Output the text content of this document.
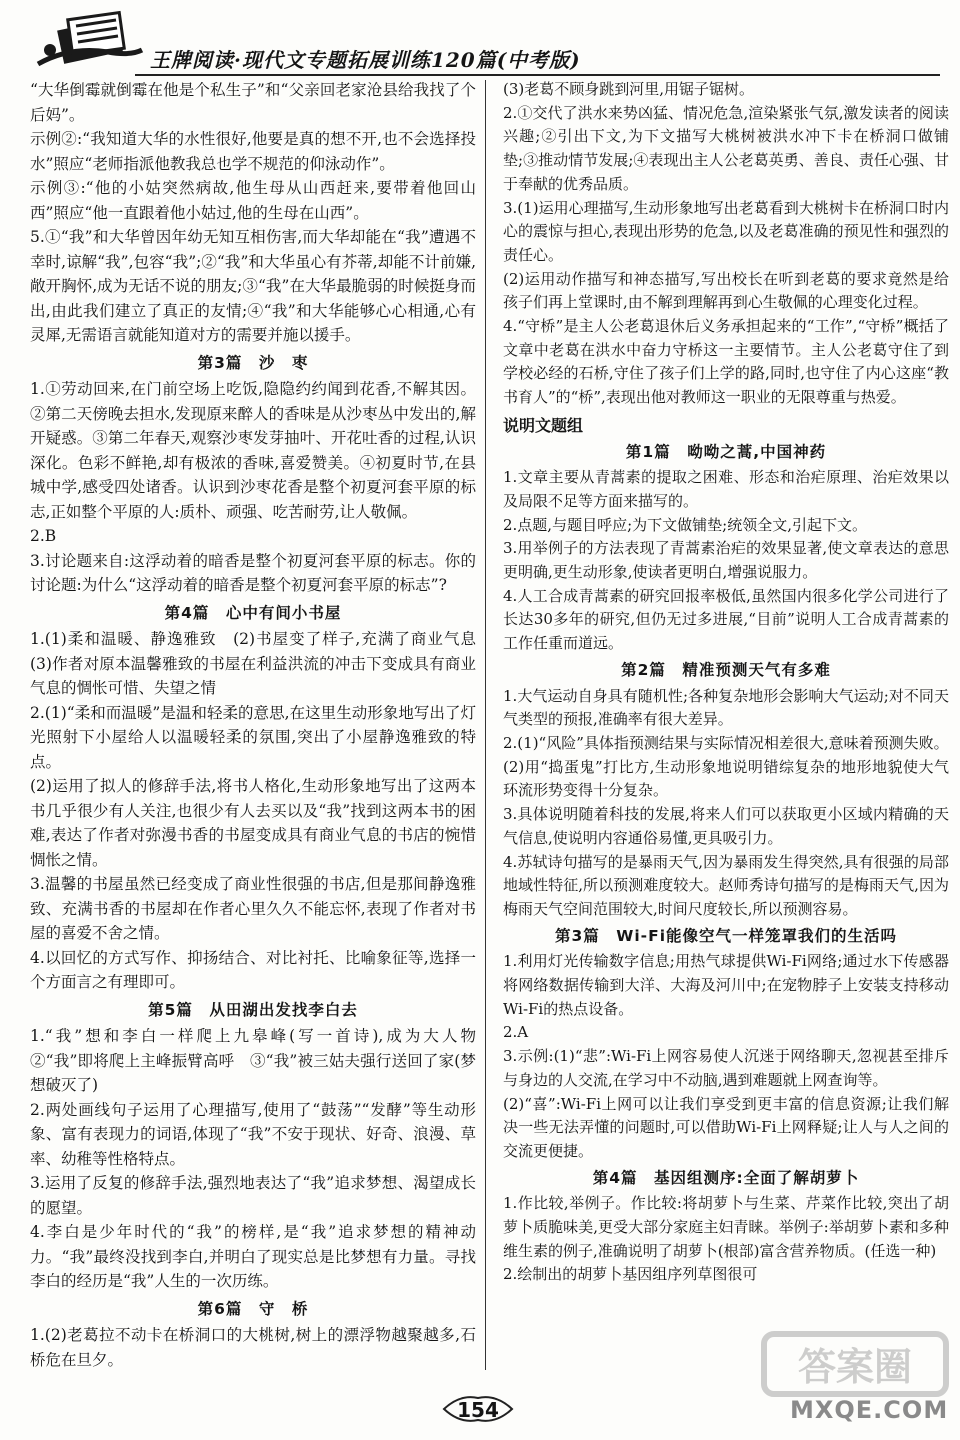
王牌阅读·现代文专题拓展训练120篇(中考版)
“大华倒霉就倒霉在他是个私生子”和“父亲回老家沧县给我找了个后妈”。
示例②:“我知道大华的水性很好,他要是真的想不开,也不会选择投水”照应“老师指派他教我总也学不规范的仰泳动作”。
示例③:“他的小姑突然病故,他生母从山西赶来,要带着他回山西”照应“他一直跟着他小姑过,他的生母在山西”。
5.①“我”和大华曾因年幼无知互相伤害,而大华却能在“我”遭遇不幸时,谅解“我”,包容“我”;②“我”和大华虽心有芥蒂,却能不计前嫌,敞开胸怀,成为无话不说的朋友;③“我”在大华最脆弱的时候挺身而出,由此我们建立了真正的友情;④“我”和大华能够心心相通,心有灵犀,无需语言就能知道对方的需要并施以援手。
第3篇　沙　枣
1.①劳动回来,在门前空场上吃饭,隐隐约约闻到花香,不解其因。②第二天傍晚去担水,发现原来醉人的香味是从沙枣丛中发出的,解开疑惑。③第二年春天,观察沙枣发芽抽叶、开花吐香的过程,认识深化。色彩不鲜艳,却有极浓的香味,喜爱赞美。④初夏时节,在县城中学,感受四处诸香。认识到沙枣花香是整个初夏河套平原的标志,正如整个平原的人:质朴、顽强、吃苦耐劳,让人敬佩。
2.B
3.讨论题来自:这浮动着的暗香是整个初夏河套平原的标志。你的讨论题:为什么“这浮动着的暗香是整个初夏河套平原的标志”?
第4篇　心中有间小书屋
1.(1)柔和温暖、静逸雅致　(2)书屋变了样子,充满了商业气息　(3)作者对原本温馨雅致的书屋在利益洪流的冲击下变成具有商业气息的惆怅可惜、失望之情
2.(1)“柔和而温暖”是温和轻柔的意思,在这里生动形象地写出了灯光照射下小屋给人以温暖轻柔的氛围,突出了小屋静逸雅致的特点。
(2)运用了拟人的修辞手法,将书人格化,生动形象地写出了这两本书几乎很少有人关注,也很少有人去买以及“我”找到这两本书的困难,表达了作者对弥漫书香的书屋变成具有商业气息的书店的惋惜惆怅之情。
3.温馨的书屋虽然已经变成了商业性很强的书店,但是那间静逸雅致、充满书香的书屋却在作者心里久久不能忘怀,表现了作者对书屋的喜爱不舍之情。
4.以回忆的方式写作、抑扬结合、对比衬托、比喻象征等,选择一个方面言之有理即可。
第5篇　从田湖出发找李白去
1.“我”想和李白一样爬上九皋峰(写一首诗),成为大人物　②“我”即将爬上主峰振臂高呼　③“我”被三姑夫强行送回了家(梦想破灭了)
2.两处画线句子运用了心理描写,使用了“鼓荡”“发酵”等生动形象、富有表现力的词语,体现了“我”不安于现状、好奇、浪漫、草率、幼稚等性格特点。
3.运用了反复的修辞手法,强烈地表达了“我”追求梦想、渴望成长的愿望。
4.李白是少年时代的“我”的榜样,是“我”追求梦想的精神动力。“我”最终没找到李白,并明白了现实总是比梦想有力量。寻找李白的经历是“我”人生的一次历练。
第6篇　守　桥
1.(2)老葛拉不动卡在桥洞口的大桃树,树上的漂浮物越聚越多,石桥危在旦夕。
(3)老葛不顾身跳到河里,用锯子锯树。
2.①交代了洪水来势凶猛、情况危急,渲染紧张气氛,激发读者的阅读兴趣;②引出下文,为下文描写大桃树被洪水冲下卡在桥洞口做铺垫;③推动情节发展;④表现出主人公老葛英勇、善良、责任心强、甘于奉献的优秀品质。
3.(1)运用心理描写,生动形象地写出老葛看到大桃树卡在桥洞口时内心的震惊与担心,表现出形势的危急,以及老葛准确的预见性和强烈的责任心。
(2)运用动作描写和神态描写,写出校长在听到老葛的要求竟然是给孩子们再上堂课时,由不解到理解再到心生敬佩的心理变化过程。
4.“守桥”是主人公老葛退休后义务承担起来的“工作”,“守桥”概括了文章中老葛在洪水中奋力守桥这一主要情节。主人公老葛守住了到学校必经的石桥,守住了孩子们上学的路,同时,也守住了内心这座“教书育人”的“桥”,表现出他对教师这一职业的无限尊重与热爱。
说明文题组
第1篇　呦呦之蒿,中国神药
1.文章主要从青蒿素的提取之困难、形态和治疟原理、治疟效果以及局限不足等方面来描写的。
2.点题,与题目呼应;为下文做铺垫;统领全文,引起下文。
3.用举例子的方法表现了青蒿素治疟的效果显著,使文章表达的意思更明确,更生动形象,使读者更明白,增强说服力。
4.人工合成青蒿素的研究回报率极低,虽然国内很多化学公司进行了长达30多年的研究,但仍无过多进展,“目前”说明人工合成青蒿素的工作任重而道远。
第2篇　精准预测天气有多难
1.大气运动自身具有随机性;各种复杂地形会影响大气运动;对不同天气类型的预报,准确率有很大差异。
2.(1)“风险”具体指预测结果与实际情况相差很大,意味着预测失败。
(2)用“捣蛋鬼”打比方,生动形象地说明错综复杂的地形地貌使大气环流形势变得十分复杂。
3.具体说明随着科技的发展,将来人们可以获取更小区域内精确的天气信息,使说明内容通俗易懂,更具吸引力。
4.苏轼诗句描写的是暴雨天气,因为暴雨发生得突然,具有很强的局部地域性特征,所以预测难度较大。赵师秀诗句描写的是梅雨天气,因为梅雨天气空间范围较大,时间尺度较长,所以预测容易。
第3篇　Wi-Fi能像空气一样笼罩我们的生活吗
1.利用灯光传输数字信息;用热气球提供Wi-Fi网络;通过水下传感器将网络数据传输到大洋、大海及河川中;在宠物脖子上安装支持移动Wi-Fi的热点设备。
2.A
3.示例:(1)“悲”:Wi-Fi上网容易使人沉迷于网络聊天,忽视甚至排斥与身边的人交流,在学习中不动脑,遇到难题就上网查询等。
(2)“喜”:Wi-Fi上网可以让我们享受到更丰富的信息资源;让我们解决一些无法弄懂的问题时,可以借助Wi-Fi上网释疑;让人与人之间的交流更便捷。
第4篇　基因组测序:全面了解胡萝卜
1.作比较,举例子。作比较:将胡萝卜与生菜、芹菜作比较,突出了胡萝卜质脆味美,更受大部分家庭主妇青睐。举例子:举胡萝卜素和多种维生素的例子,准确说明了胡萝卜(根部)富含营养物质。(任选一种)
2.绘制出的胡萝卜基因组序列草图很可
154
答案圈
MXQE.COM
